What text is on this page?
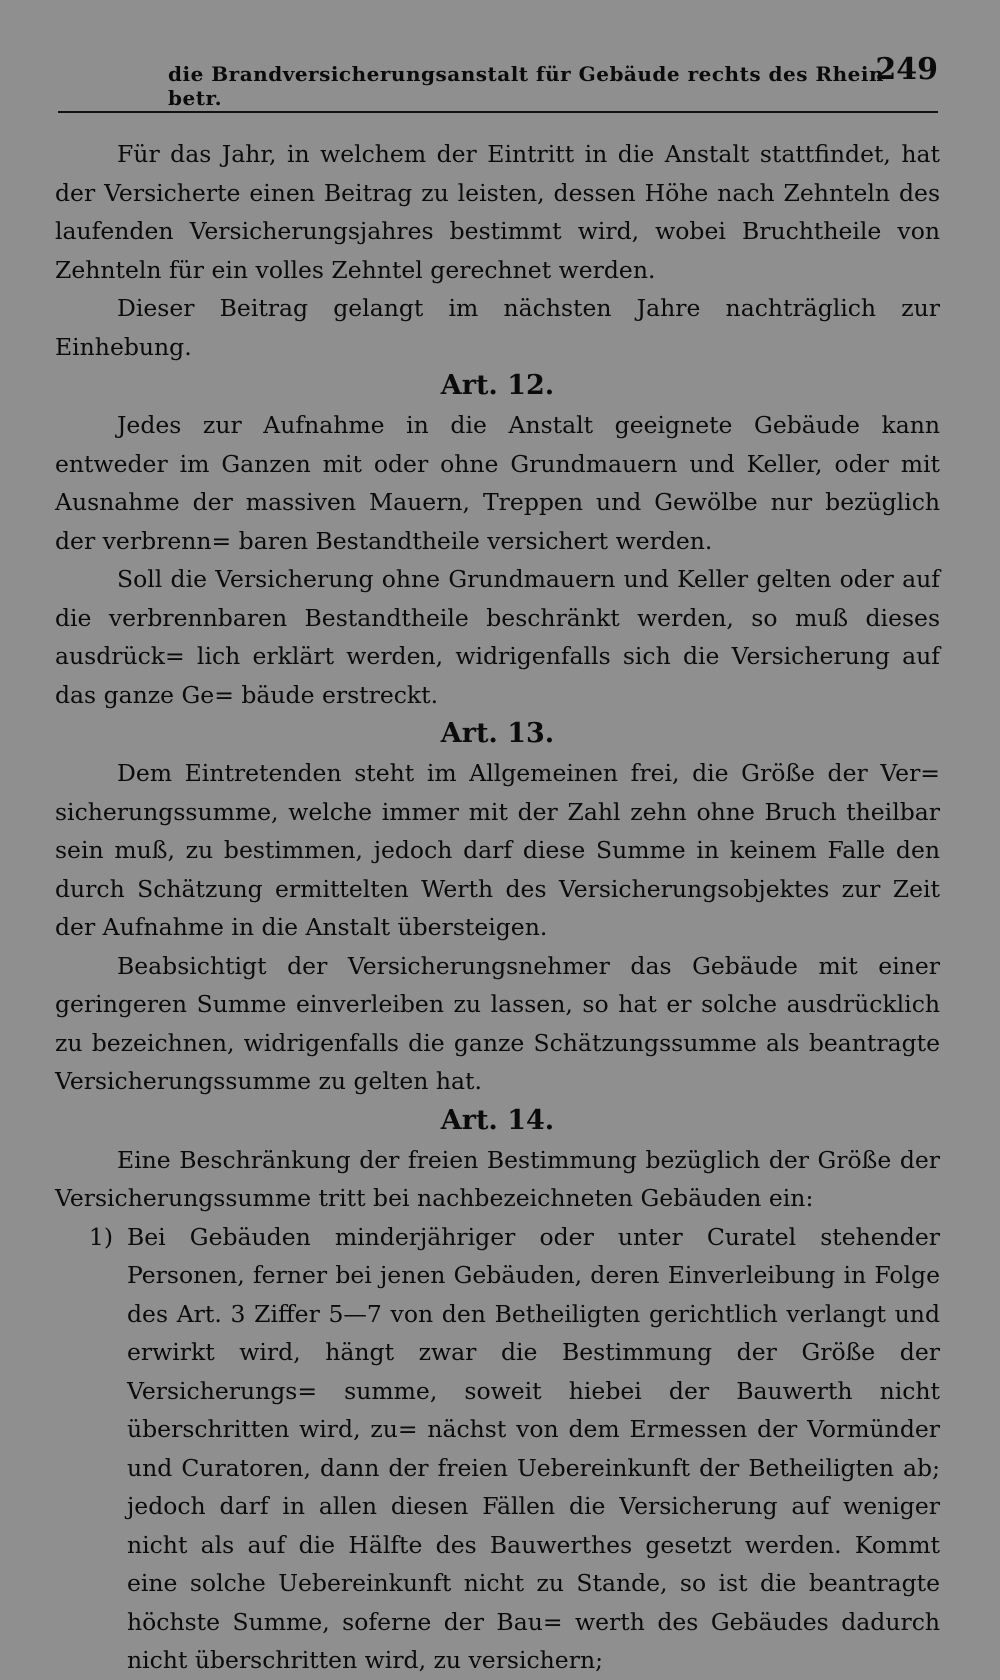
die Brandversicherungsanstalt für Gebäude rechts des Rhein betr.
249

Für das Jahr, in welchem der Eintritt in die Anstalt stattfindet, hat der Versicherte einen Beitrag zu leisten, dessen Höhe nach Zehnteln des laufenden Versicherungsjahres bestimmt wird, wobei Bruchtheile von Zehnteln für ein volles Zehntel gerechnet werden.

Dieser Beitrag gelangt im nächsten Jahre nachträglich zur Einhebung.

Art. 12.

Jedes zur Aufnahme in die Anstalt geeignete Gebäude kann entweder im Ganzen mit oder ohne Grundmauern und Keller, oder mit Ausnahme der massiven Mauern, Treppen und Gewölbe nur bezüglich der verbrenn= baren Bestandtheile versichert werden.

Soll die Versicherung ohne Grundmauern und Keller gelten oder auf die verbrennbaren Bestandtheile beschränkt werden, so muß dieses ausdrück= lich erklärt werden, widrigenfalls sich die Versicherung auf das ganze Ge= bäude erstreckt.

Art. 13.

Dem Eintretenden steht im Allgemeinen frei, die Größe der Ver= sicherungssumme, welche immer mit der Zahl zehn ohne Bruch theilbar sein muß, zu bestimmen, jedoch darf diese Summe in keinem Falle den durch Schätzung ermittelten Werth des Versicherungsobjektes zur Zeit der Aufnahme in die Anstalt übersteigen.

Beabsichtigt der Versicherungsnehmer das Gebäude mit einer geringeren Summe einverleiben zu lassen, so hat er solche ausdrücklich zu bezeichnen, widrigenfalls die ganze Schätzungssumme als beantragte Versicherungssumme zu gelten hat.

Art. 14.

Eine Beschränkung der freien Bestimmung bezüglich der Größe der Versicherungssumme tritt bei nachbezeichneten Gebäuden ein:

1) Bei Gebäuden minderjähriger oder unter Curatel stehender Personen, ferner bei jenen Gebäuden, deren Einverleibung in Folge des Art. 3 Ziffer 5—7 von den Betheiligten gerichtlich verlangt und erwirkt wird, hängt zwar die Bestimmung der Größe der Versicherungs= summe, soweit hiebei der Bauwerth nicht überschritten wird, zu= nächst von dem Ermessen der Vormünder und Curatoren, dann der freien Uebereinkunft der Betheiligten ab; jedoch darf in allen diesen Fällen die Versicherung auf weniger nicht als auf die Hälfte des Bauwerthes gesetzt werden. Kommt eine solche Uebereinkunft nicht zu Stande, so ist die beantragte höchste Summe, soferne der Bau= werth des Gebäudes dadurch nicht überschritten wird, zu versichern;
